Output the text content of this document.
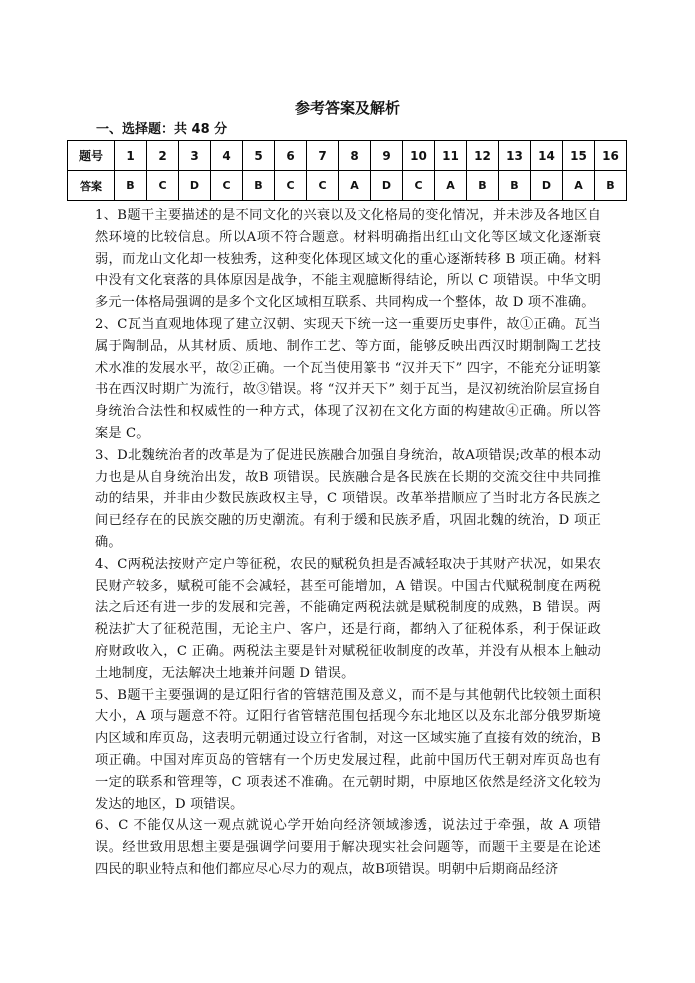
参考答案及解析
一、选择题：共 48 分
题号	1	2	3	4	5	6	7	8	9	10	11	12	13	14	15	16
答案	B	C	D	C	B	C	C	A	D	C	A	B	B	D	A	B

1、B题干主要描述的是不同文化的兴衰以及文化格局的变化情况，并未涉及各地区自然环境的比较信息。所以A项不符合题意。材料明确指出红山文化等区域文化逐渐衰弱，而龙山文化却一枝独秀，这种变化体现区域文化的重心逐渐转移 B 项正确。材料中没有文化衰落的具体原因是战争，不能主观臆断得结论，所以 C 项错误。中华文明多元一体格局强调的是多个文化区域相互联系、共同构成一个整体，故 D 项不准确。

2、C瓦当直观地体现了建立汉朝、实现天下统一这一重要历史事件，故①正确。瓦当属于陶制品，从其材质、质地、制作工艺、等方面，能够反映出西汉时期制陶工艺技术水准的发展水平，故②正确。一个瓦当使用篆书 “汉并天下” 四字，不能充分证明篆书在西汉时期广为流行，故③错误。将 “汉并天下” 刻于瓦当，是汉初统治阶层宣扬自身统治合法性和权威性的一种方式，体现了汉初在文化方面的构建故④正确。所以答案是 C。

3、D北魏统治者的改革是为了促进民族融合加强自身统治，故A项错误;改革的根本动力也是从自身统治出发，故B 项错误。民族融合是各民族在长期的交流交往中共同推动的结果，并非由少数民族政权主导，C 项错误。改革举措顺应了当时北方各民族之间已经存在的民族交融的历史潮流。有利于缓和民族矛盾，巩固北魏的统治，D 项正确。

4、C两税法按财产定户等征税，农民的赋税负担是否减轻取决于其财产状况，如果农民财产较多，赋税可能不会减轻，甚至可能增加，A 错误。中国古代赋税制度在两税法之后还有进一步的发展和完善，不能确定两税法就是赋税制度的成熟，B 错误。两税法扩大了征税范围，无论主户、客户，还是行商，都纳入了征税体系，利于保证政府财政收入，C 正确。两税法主要是针对赋税征收制度的改革，并没有从根本上触动土地制度，无法解决土地兼并问题 D 错误。

5、B题干主要强调的是辽阳行省的管辖范围及意义，而不是与其他朝代比较领土面积大小，A 项与题意不符。辽阳行省管辖范围包括现今东北地区以及东北部分俄罗斯境内区域和库页岛，这表明元朝通过设立行省制，对这一区域实施了直接有效的统治，B 项正确。中国对库页岛的管辖有一个历史发展过程，此前中国历代王朝对库页岛也有一定的联系和管理等，C 项表述不准确。在元朝时期，中原地区依然是经济文化较为发达的地区，D 项错误。

6、C 不能仅从这一观点就说心学开始向经济领域渗透，说法过于牵强，故 A 项错误。经世致用思想主要是强调学问要用于解决现实社会问题等，而题干主要是在论述四民的职业特点和他们都应尽心尽力的观点，故B项错误。明朝中后期商品经济
